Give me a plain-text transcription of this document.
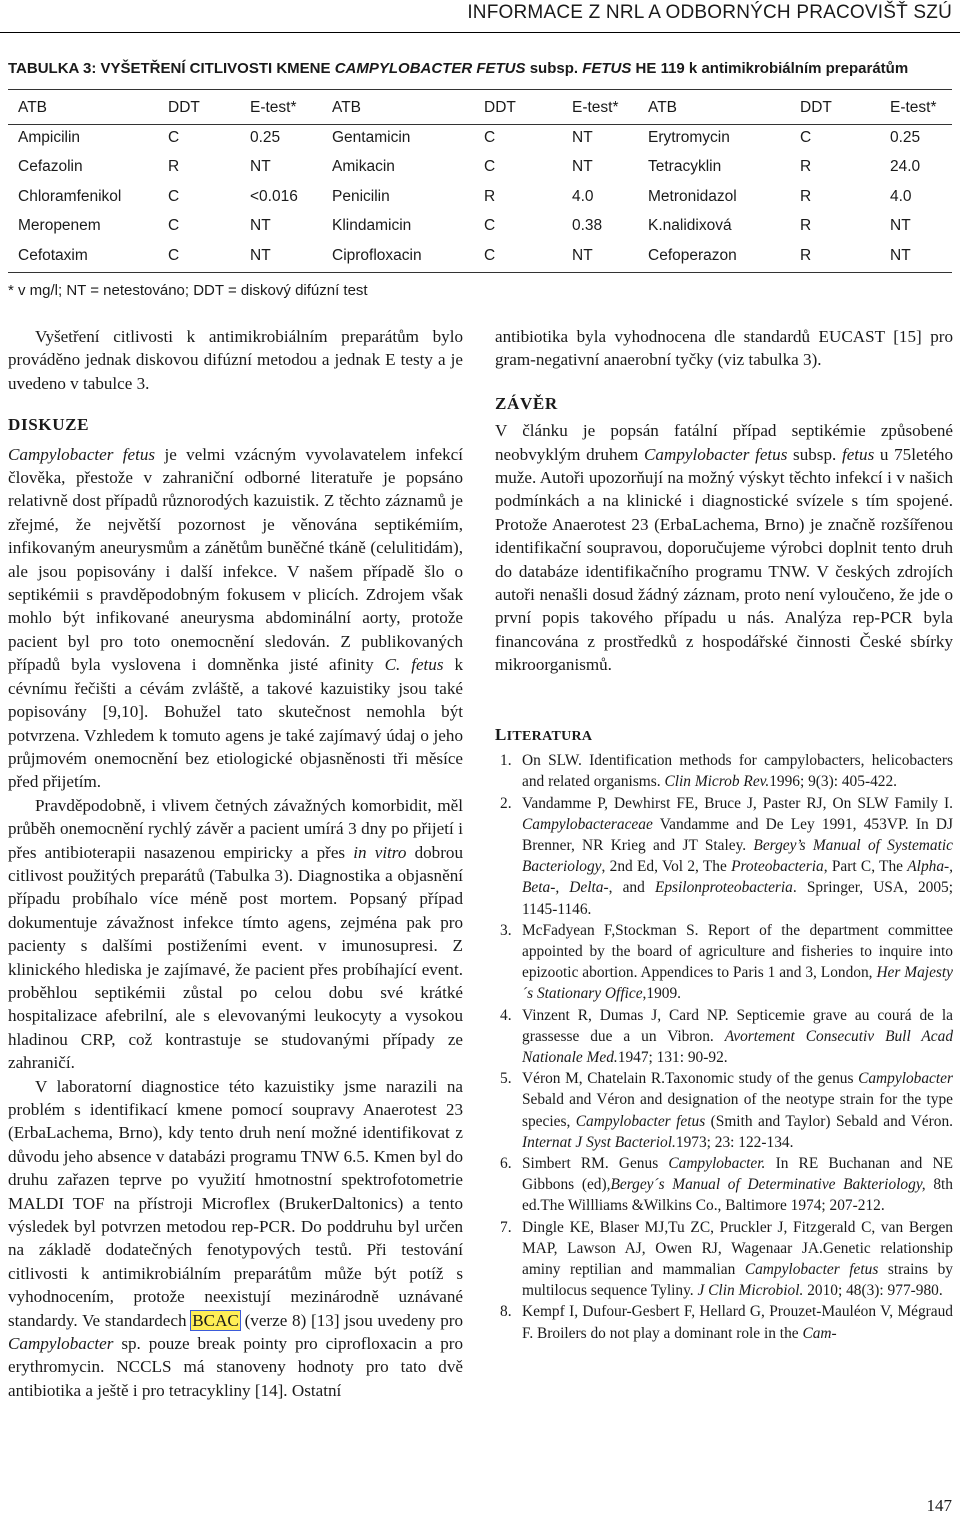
INFORMACE Z NRL A ODBORNÝCH PRACOVIŠŤ SZÚ
TABULKA 3: VYŠETŘENÍ CITLIVOSTI KMENE CAMPYLOBACTER FETUS subsp. FETUS HE 119 k antimikrobiálním preparátům
ATB	DDT	E-test* ATB	DDT	E-test* ATB	DDT	E-test*
Ampicilin	C	0.25	Gentamicin	C	NT	Erytromycin	C	0.25
Cefazolin	R	NT	Amikacin	C	NT	Tetracyklin	R	24.0
Chloramfenikol	C	<0.016 Penicilin	R	4.0	Metronidazol	R	4.0
Meropenem	C	NT	Klindamicin	C	0.38	K.nalidixová	R	NT
Cefotaxim	C	NT	Ciprofloxacin	C	NT	Cefoperazon	R	NT
* v mg/l; NT = netestováno; DDT = diskový difúzní test

Vyšetření citlivosti k antimikrobiálním preparátům bylo prováděno jednak diskovou difúzní metodou a jednak E testy a je uvedeno v tabulce 3.

DISKUZE

Campylobacter fetus je velmi vzácným vyvolavatelem infekcí člověka, přestože v zahraniční odborné literatuře je popsáno relativně dost případů různorodých kazuistik. Z těchto záznamů je zřejmé, že největší pozornost je věnována septikémiím, infikovaným aneurysmům a zánětům buněčné tkáně (celulitidám), ale jsou popisovány i další infekce. V našem případě šlo o septikémii s pravděpodobným fokusem v plicích. Zdrojem však mohlo být infikované aneurysma abdominální aorty, protože pacient byl pro toto onemocnění sledován. Z publikovaných případů byla vyslovena i domněnka jisté afinity C. fetus k cévnímu řečišti a cévám zvláště, a takové kazuistiky jsou také popisovány [9,10]. Bohužel tato skutečnost nemohla být potvrzena. Vzhledem k tomuto agens je také zajímavý údaj o jeho průjmovém onemocnění bez etiologické objasněnosti tři měsíce před přijetím.

Pravděpodobně, i vlivem četných závažných komorbidit, měl průběh onemocnění rychlý závěr a pacient umírá 3 dny po přijetí i přes antibioterapii nasazenou empiricky a přes in vitro dobrou citlivost použitých preparátů (Tabulka 3). Diagnostika a objasnění případu probíhalo více méně post mortem. Popsaný případ dokumentuje závažnost infekce tímto agens, zejména pak pro pacienty s dalšími postiženími event. v imunosupresi. Z klinického hlediska je zajímavé, že pacient přes probíhající event. proběhlou septikémii zůstal po celou dobu své krátké hospitalizace afebrilní, ale s elevovanými leukocyty a vysokou hladinou CRP, což kontrastuje se studovanými případy ze zahraničí.

V laboratorní diagnostice této kazuistiky jsme narazili na problém s identifikací kmene pomocí soupravy Anaerotest 23 (ErbaLachema, Brno), kdy tento druh není možné identifikovat z důvodu jeho absence v databázi programu TNW 6.5. Kmen byl do druhu zařazen teprve po využití hmotnostní spektrofotometrie MALDI TOF na přístroji Microflex (BrukerDaltonics) a tento výsledek byl potvrzen metodou rep-PCR. Do poddruhu byl určen na základě dodatečných fenotypových testů. Při testování citlivosti k antimikrobiálním preparátům může být potíž s vyhodnocením, protože neexistují mezinárodně uznávané standardy. Ve standardech BCAC (verze 8) [13] jsou uvedeny pro Campylobacter sp. pouze break pointy pro ciprofloxacin a pro erythromycin. NCCLS má stanoveny hodnoty pro tato dvě antibiotika a ještě i pro tetracykliny [14]. Ostatní

antibiotika byla vyhodnocena dle standardů EUCAST [15] pro gram-negativní anaerobní tyčky (viz tabulka 3).

ZÁVĚR

V článku je popsán fatální případ septikémie způsobené neobvyklým druhem Campylobacter fetus subsp. fetus u 75letého muže. Autoři upozorňují na možný výskyt těchto infekcí i v našich podmínkách a na klinické i diagnostické svízele s tím spojené. Protože Anaerotest 23 (ErbaLachema, Brno) je značně rozšířenou identifikační soupravou, doporučujeme výrobci doplnit tento druh do databáze identifikačního programu TNW. V českých zdrojích autoři nenašli dosud žádný záznam, proto není vyloučeno, že jde o první popis takového případu u nás. Analýza rep-PCR byla financována z prostředků z hospodářské činnosti České sbírky mikroorganismů.

LITERATURA

1. On SLW. Identification methods for campylobacters, helicobacters and related organisms. Clin Microb Rev.1996; 9(3): 405-422.
2. Vandamme P, Dewhirst FE, Bruce J, Paster RJ, On SLW Family I. Campylobacteraceae Vandamme and De Ley 1991, 453VP. In DJ Brenner, NR Krieg and JT Staley. Bergey’s Manual of Systematic Bacteriology, 2nd Ed, Vol 2, The Proteobacteria, Part C, The Alpha-, Beta-, Delta-, and Epsilonproteobacteria. Springer, USA, 2005; 1145-1146.
3. McFadyean F,Stockman S. Report of the department committee appointed by the board of agriculture and fisheries to inquire into epizootic abortion. Appendices to Paris 1 and 3, London, Her Majesty´s Stationary Office,1909.
4. Vinzent R, Dumas J, Card NP. Septicemie grave au courá de la grassesse due a un Vibron. Avortement Consecutiv Bull Acad Nationale Med.1947; 131: 90-92.
5. Véron M, Chatelain R.Taxonomic study of the genus Campylobacter Sebald and Véron and designation of the neotype strain for the type species, Campylobacter fetus (Smith and Taylor) Sebald and Véron. Internat J Syst Bacteriol.1973; 23: 122-134.
6. Simbert RM. Genus Campylobacter. In RE Buchanan and NE Gibbons (ed),Bergey´s Manual of Determinative Bakteriology, 8th ed.The Willliams &Wilkins Co., Baltimore 1974; 207-212.
7. Dingle KE, Blaser MJ,Tu ZC, Pruckler J, Fitzgerald C, van Bergen MAP, Lawson AJ, Owen RJ, Wagenaar JA.Genetic relationship aminy reptilian and mammalian Campylobacter fetus strains by multilocus sequence Tyliny. J Clin Microbiol. 2010; 48(3): 977-980.
8. Kempf I, Dufour-Gesbert F, Hellard G, Prouzet-Mauléon V, Mégraud F. Broilers do not play a dominant role in the Cam-
147
